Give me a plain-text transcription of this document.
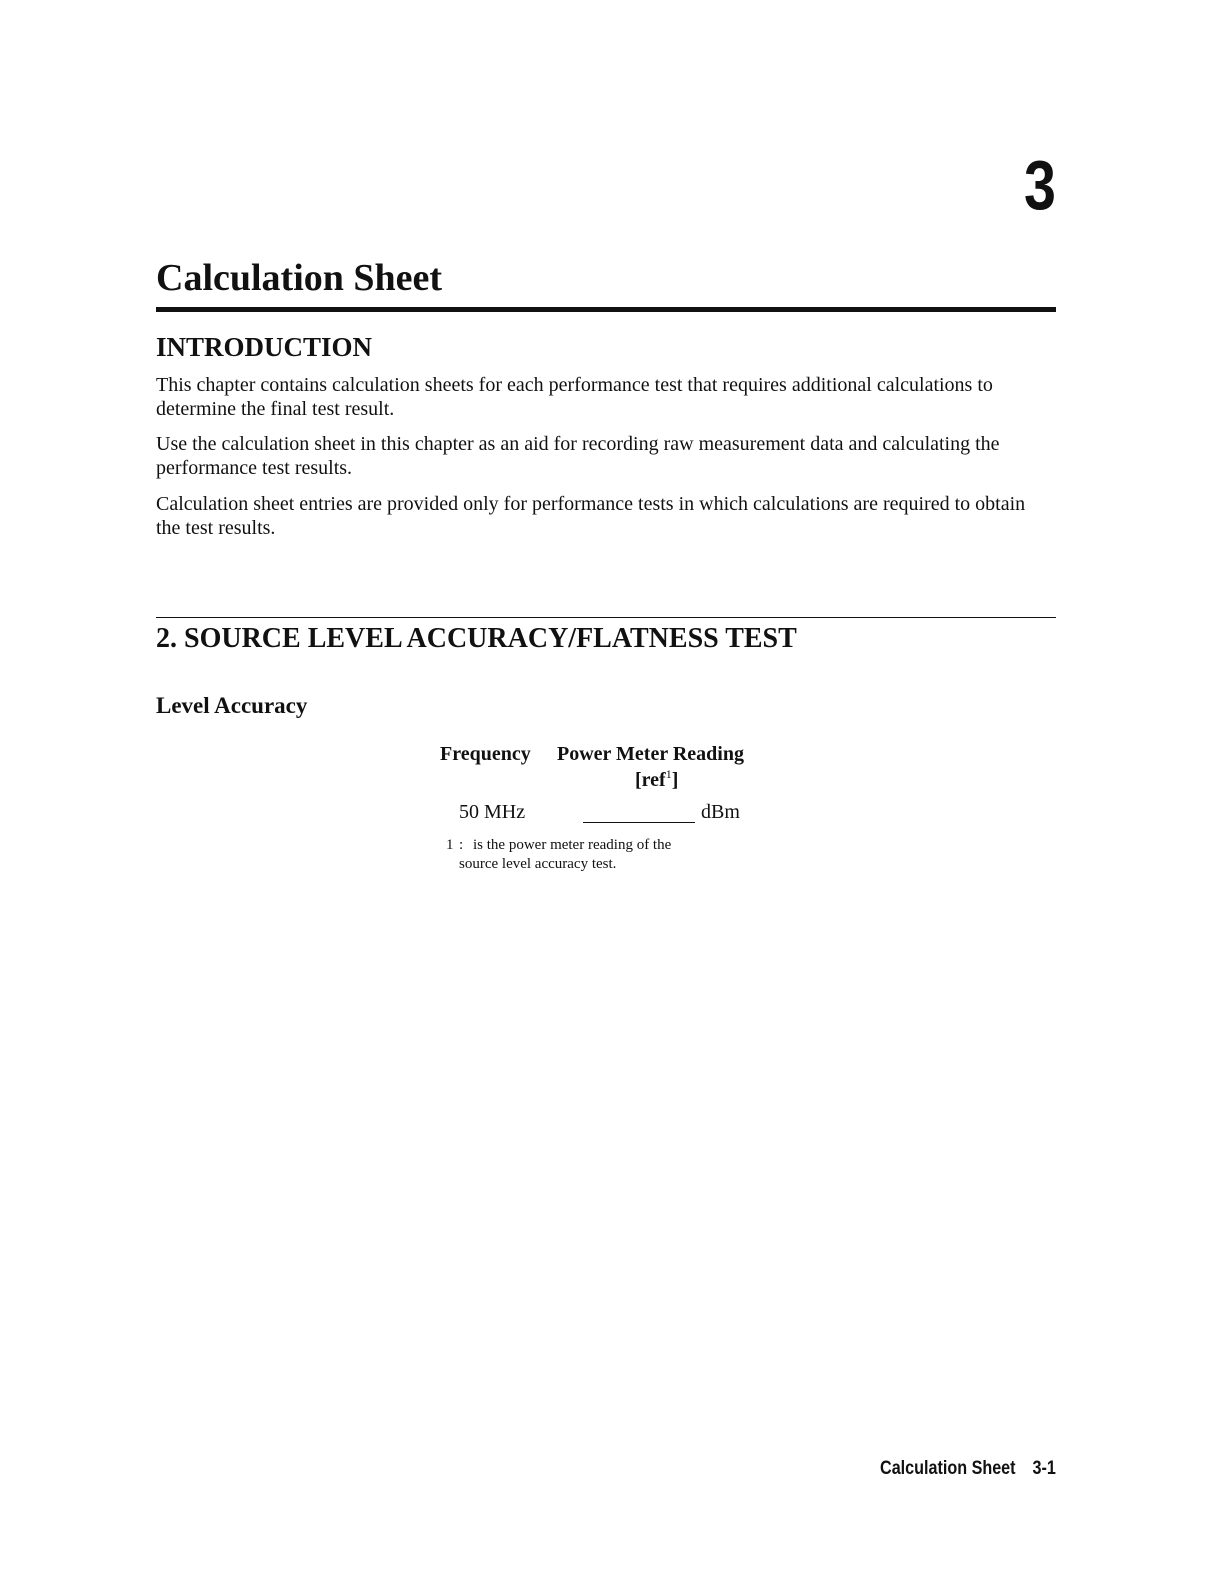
3
Calculation Sheet
INTRODUCTION

This chapter contains calculation sheets for each performance test that requires additional calculations to determine the final test result.

Use the calculation sheet in this chapter as an aid for recording raw measurement data and calculating the performance test results.

Calculation sheet entries are provided only for performance tests in which calculations are required to obtain the test results.

2. SOURCE LEVEL ACCURACY/FLATNESS TEST
Level Accuracy
Frequency Power Meter Reading
[ref$^1$]
50 MHz	dBm
1 : is the power meter reading of the
source level accuracy test.
Calculation Sheet 3-1
